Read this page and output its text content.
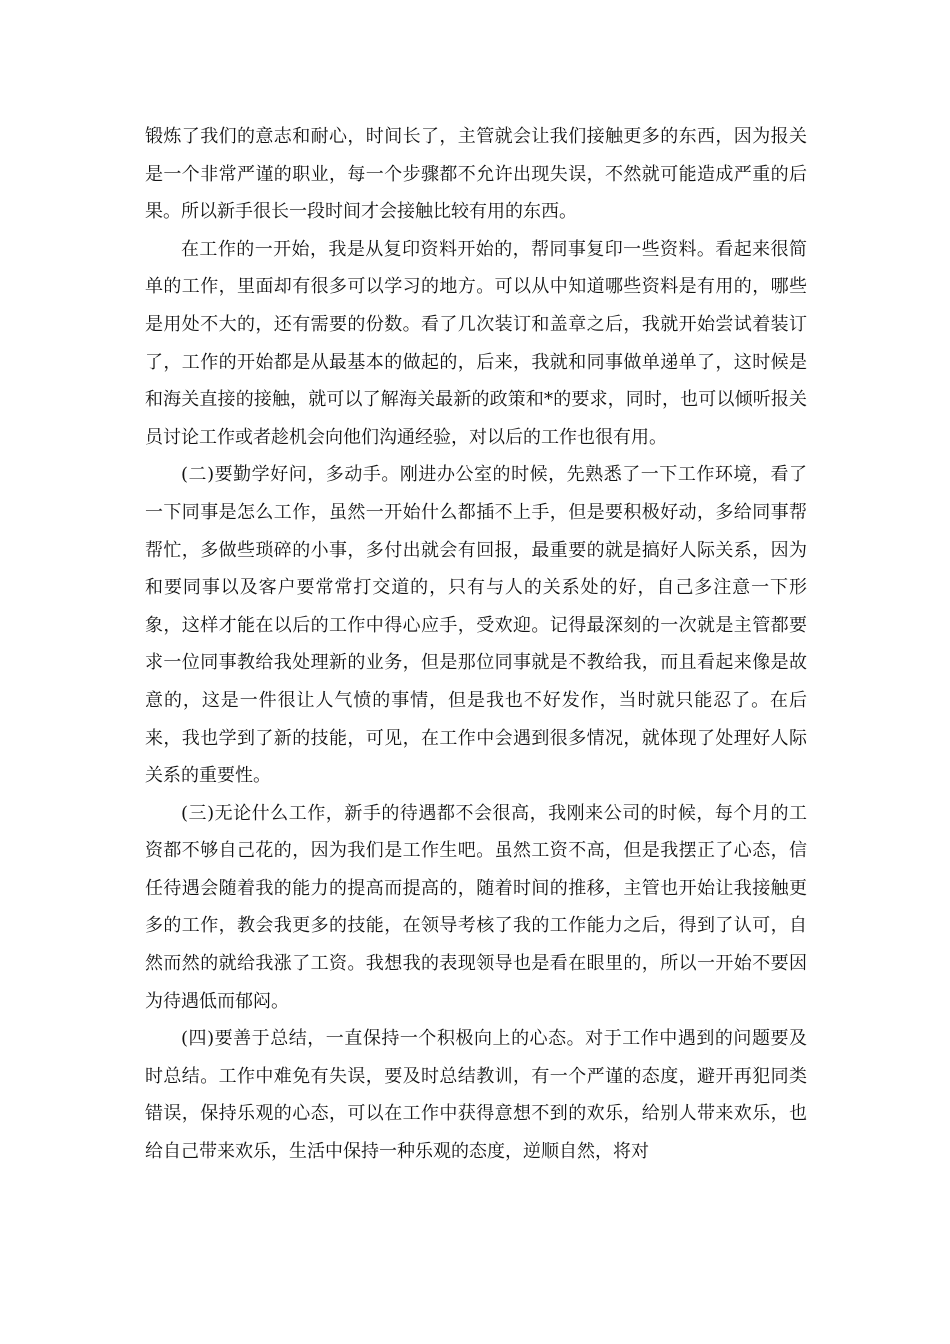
锻炼了我们的意志和耐心，时间长了，主管就会让我们接触更多的东西，因为报关是一个非常严谨的职业，每一个步骤都不允许出现失误，不然就可能造成严重的后果。所以新手很长一段时间才会接触比较有用的东西。

在工作的一开始，我是从复印资料开始的，帮同事复印一些资料。看起来很简单的工作，里面却有很多可以学习的地方。可以从中知道哪些资料是有用的，哪些是用处不大的，还有需要的份数。看了几次装订和盖章之后，我就开始尝试着装订了，工作的开始都是从最基本的做起的，后来，我就和同事做单递单了，这时候是和海关直接的接触，就可以了解海关最新的政策和*的要求，同时，也可以倾听报关员讨论工作或者趁机会向他们沟通经验，对以后的工作也很有用。

(二)要勤学好问，多动手。刚进办公室的时候，先熟悉了一下工作环境，看了一下同事是怎么工作，虽然一开始什么都插不上手，但是要积极好动，多给同事帮帮忙，多做些琐碎的小事，多付出就会有回报，最重要的就是搞好人际关系，因为和要同事以及客户要常常打交道的，只有与人的关系处的好，自己多注意一下形象，这样才能在以后的工作中得心应手，受欢迎。记得最深刻的一次就是主管都要求一位同事教给我处理新的业务，但是那位同事就是不教给我，而且看起来像是故意的，这是一件很让人气愤的事情，但是我也不好发作，当时就只能忍了。在后来，我也学到了新的技能，可见，在工作中会遇到很多情况，就体现了处理好人际关系的重要性。

(三)无论什么工作，新手的待遇都不会很高，我刚来公司的时候，每个月的工资都不够自己花的，因为我们是工作生吧。虽然工资不高，但是我摆正了心态，信任待遇会随着我的能力的提高而提高的，随着时间的推移，主管也开始让我接触更多的工作，教会我更多的技能，在领导考核了我的工作能力之后，得到了认可，自然而然的就给我涨了工资。我想我的表现领导也是看在眼里的，所以一开始不要因为待遇低而郁闷。

(四)要善于总结，一直保持一个积极向上的心态。对于工作中遇到的问题要及时总结。工作中难免有失误，要及时总结教训，有一个严谨的态度，避开再犯同类错误，保持乐观的心态，可以在工作中获得意想不到的欢乐，给别人带来欢乐，也给自己带来欢乐，生活中保持一种乐观的态度，逆顺自然，将对
